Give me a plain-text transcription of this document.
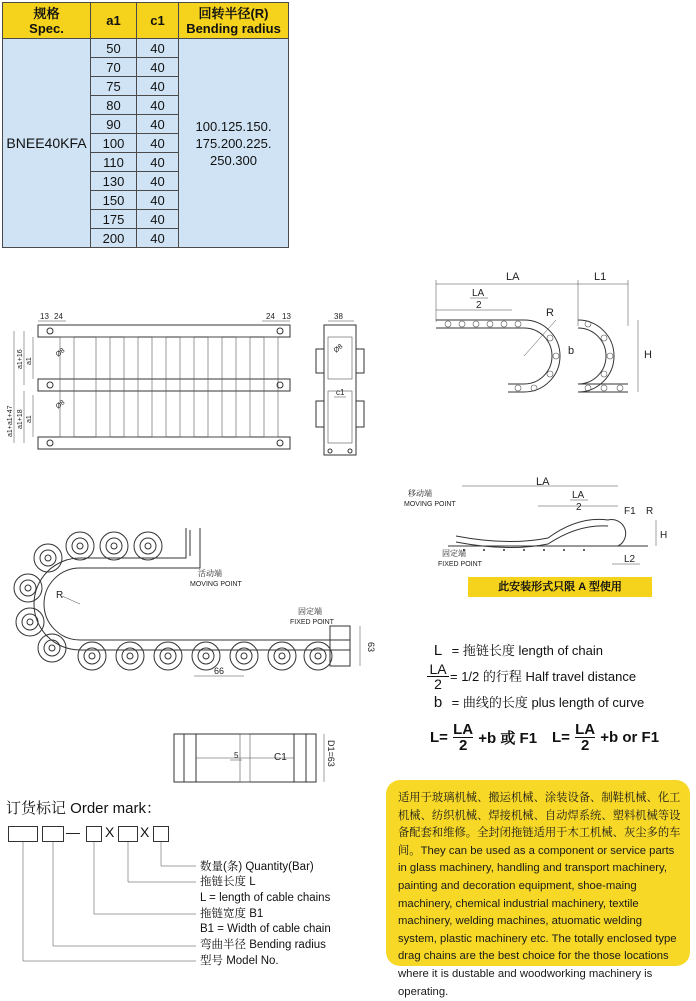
规格
Spec.	a1	c1	回转半径(R)
Bending radius
BNEE40KFA	50	40	100.125.150.
175.200.225.
250.300
	70	40	
	75	40	
	80	40	
	90	40	
	100	40	
	110	40	
	130	40	
	150	40	
	175	40	
	200	40	
13 24	24 13
a1+a1+47
a1+16 a1
a1+18 a1
Ø8
Ø8
38
c1
Ø8
LA	L1
LA
2
R
b	H
LA
LA
2
移动端
MOVING POINT
固定端
FIXED POINT
F1 R
L2
H
此安装形式只限 A 型使用
活动端
MOVING POINT
R
固定端
FIXED POINT
66
63
5	C1	D1=63
L = 拖链长度 length of chain
LA
2 = 1/2 的行程 Half travel distance
b = 曲线的长度 plus length of curve
$L= \frac{LA}{2} +b$ 或 F1 $L= \frac{LA}{2} +b$ or F1
订货标记 Order mark：
— X X
数量(条) Quantity(Bar)
拖链长度 L
L = length of cable chains
拖链宽度 B1
B1 = Width of cable chain
弯曲半径 Bending radius
型号 Model No.
适用于玻璃机械、搬运机械、涂装设备、制鞋机械、化工机械、纺织机械、焊接机械、自动焊系统、塑料机械等设备配套和维修。全封闭拖链适用于木工机械、灰尘多的车间。They can be used as a component or service parts in glass machinery, handling and transport machinery, painting and decoration equipment, shoe-maing machinery, chemical industrial machinery, textile machinery, welding machines, atuomatic welding system, plastic machinery etc. The totally enclosed type drag chains are the best choice for the those locations where it is dustable and woodworking machinery is operating.
